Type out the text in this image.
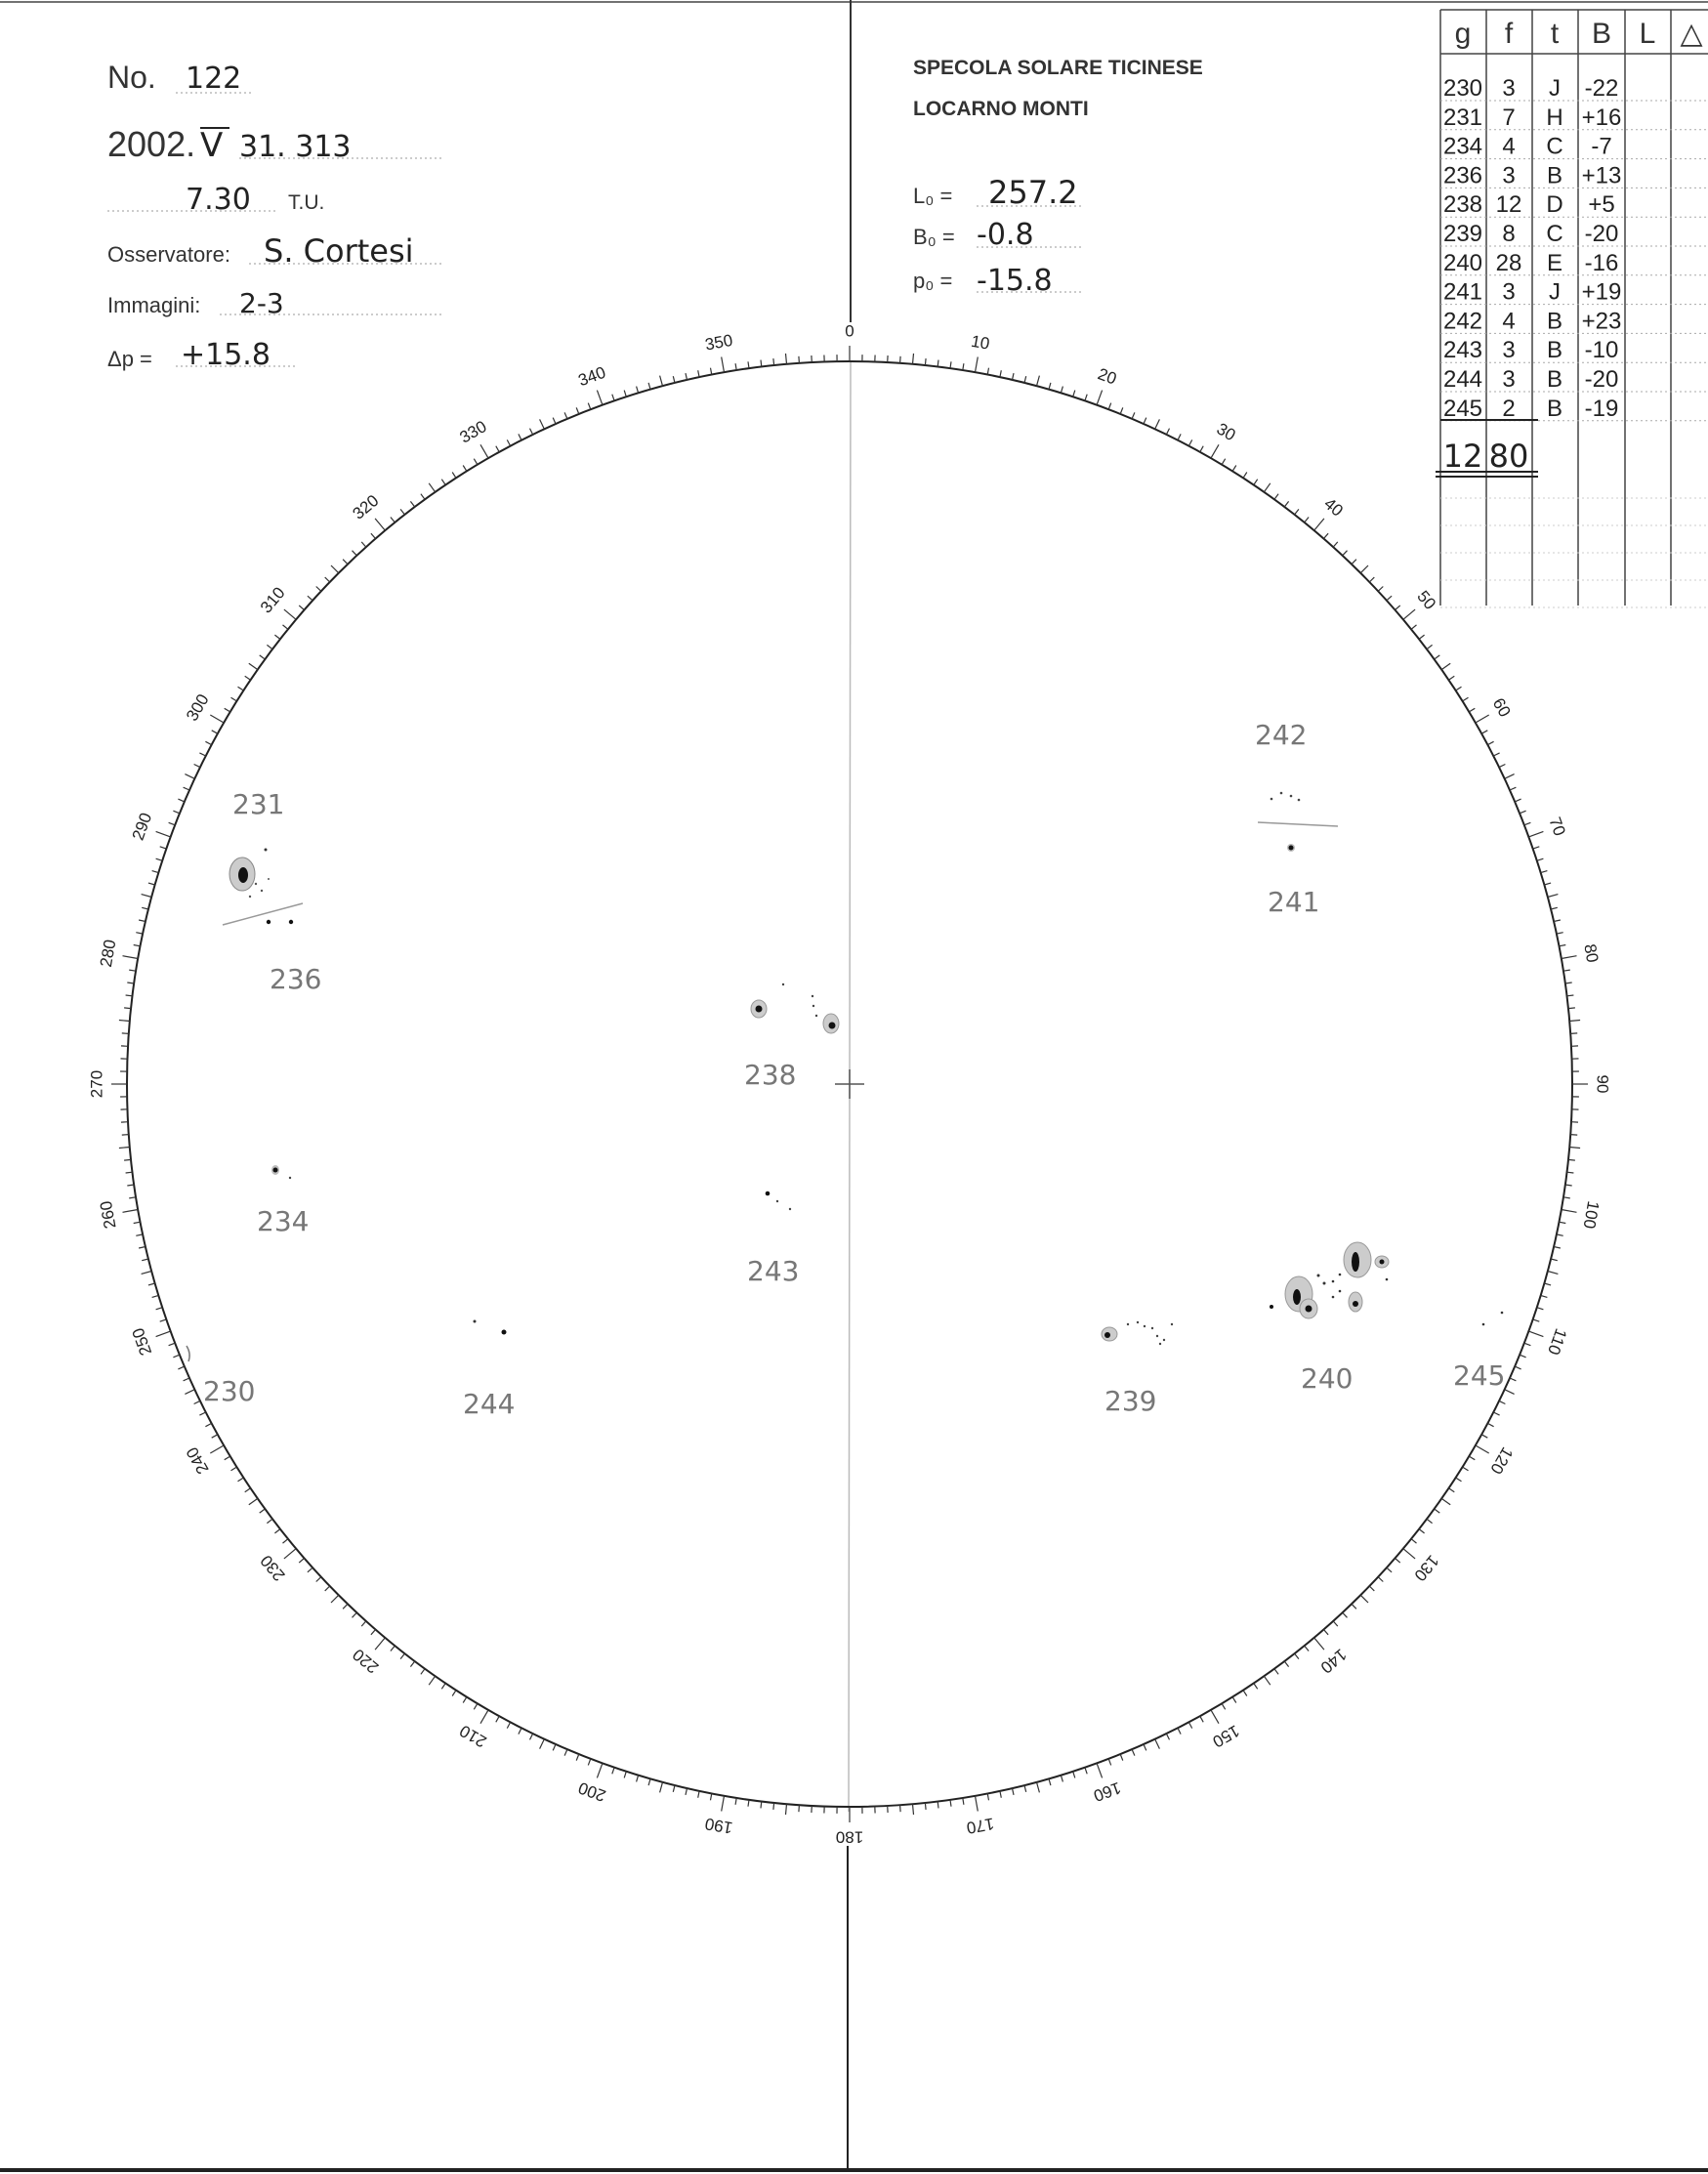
0
10
20
30
40
50
60
70
80
90
100
110
120
130
140
150
160
170
180
190
200
210
220
230
240
250
260
270
280
290
300
310
320
330
340
350
No. 122
2002. V 31. 313
7.30 T.U.
Osservatore: S. Cortesi
Immagini: 2-3
Δp = +15.8
SPECOLA SOLARE TICINESE
LOCARNO MONTI
L₀ = 257.2
B₀ = -0.8
p₀ = -15.8
g f t B L △
230 3 J -22
231 7 H +16
234 4 C -7
236 3 B +13
238 12 D +5
239 8 C -20
240 28 E -16
241 3 J +19
242 4 B +23
243 3 B -10
244 3 B -20
245 2 B -19
12 80
231
236
242
241
238
234
243
230	244	239
240	245
